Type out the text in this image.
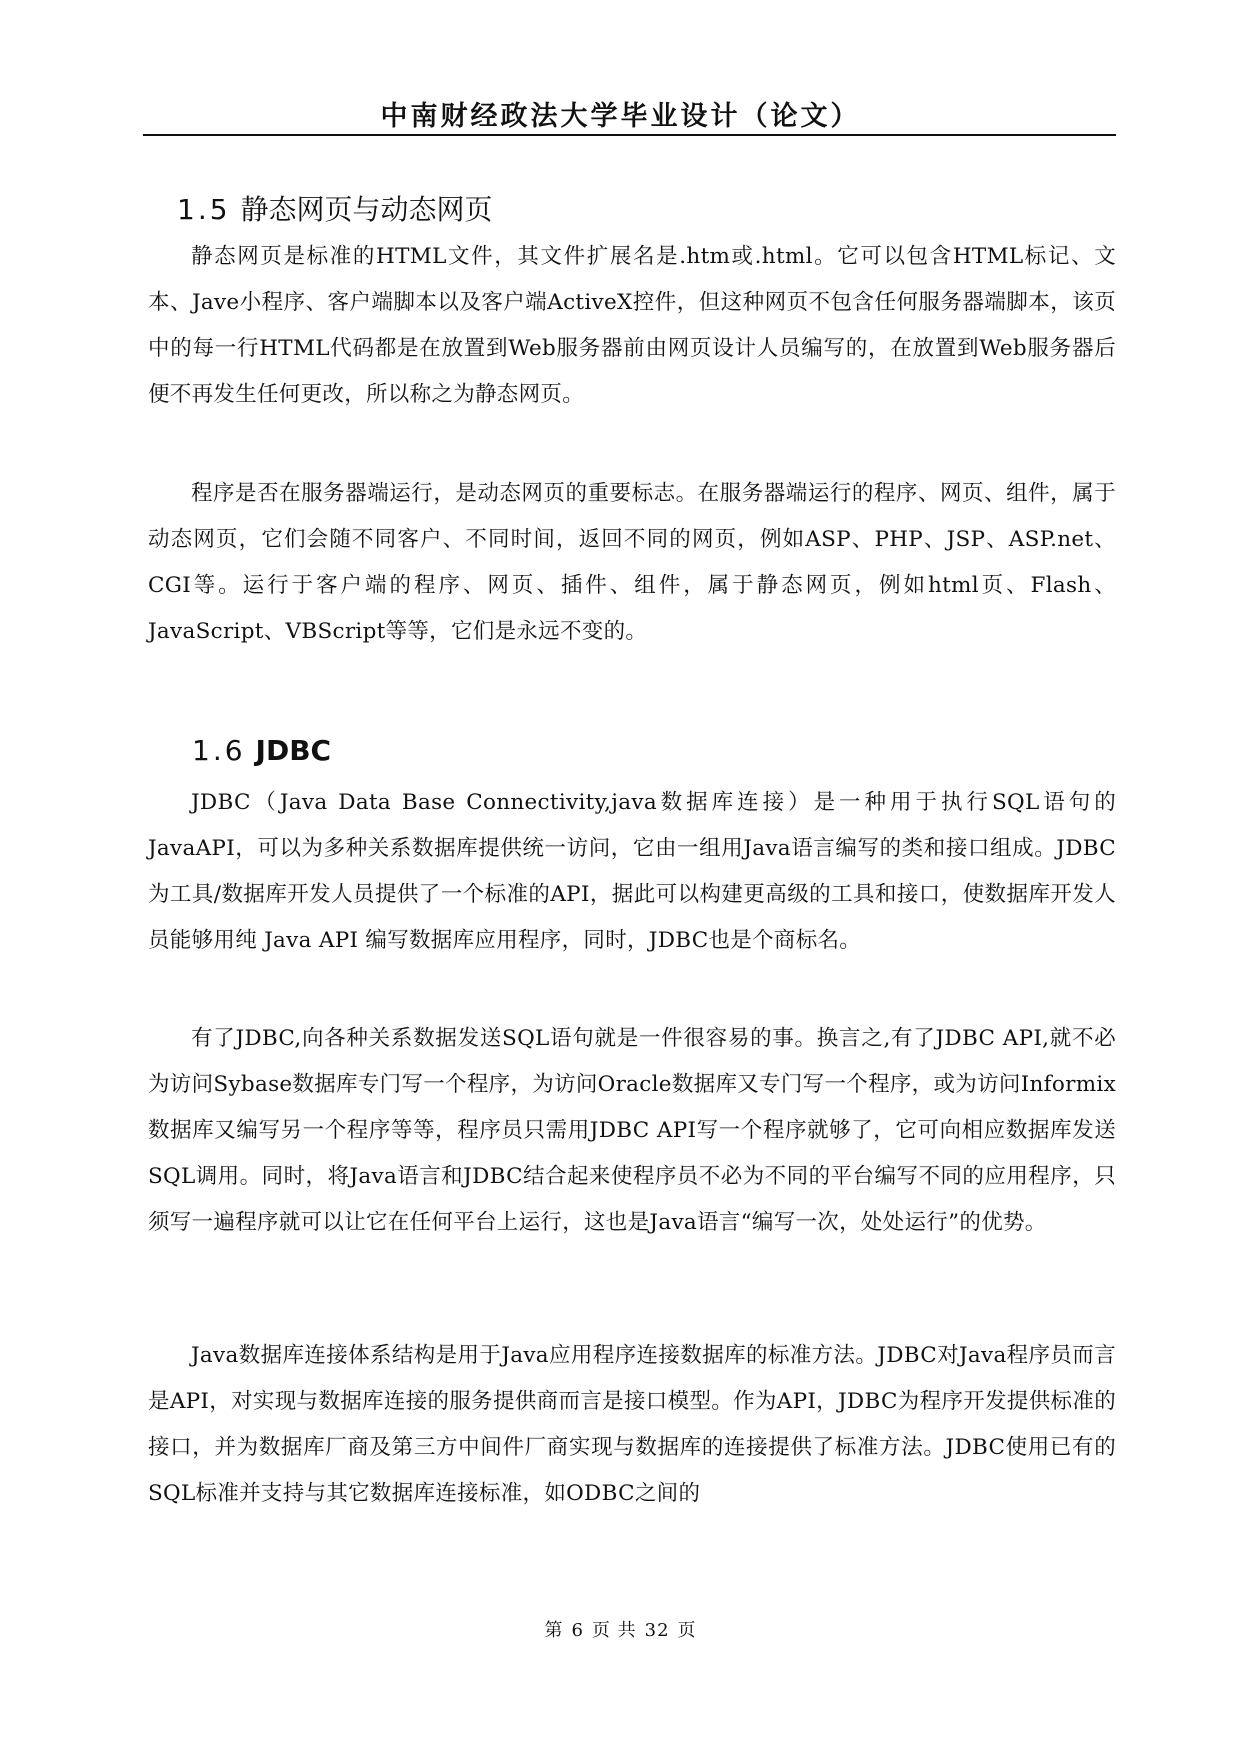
中南财经政法大学毕业设计（论文）
1.5 静态网页与动态网页
静态网页是标准的HTML文件，其文件扩展名是.htm或.html。它可以包含HTML标记、文本、Jave小程序、客户端脚本以及客户端ActiveX控件，但这种网页不包含任何服务器端脚本，该页中的每一行HTML代码都是在放置到Web服务器前由网页设计人员编写的，在放置到Web服务器后便不再发生任何更改，所以称之为静态网页。
程序是否在服务器端运行，是动态网页的重要标志。在服务器端运行的程序、网页、组件，属于动态网页，它们会随不同客户、不同时间，返回不同的网页，例如ASP、PHP、JSP、ASP.net、CGI等。运行于客户端的程序、网页、插件、组件，属于静态网页，例如html页、Flash、JavaScript、VBScript等等，它们是永远不变的。
1.6 JDBC
JDBC（Java Data Base Connectivity,java数据库连接）是一种用于执行SQL语句的JavaAPI，可以为多种关系数据库提供统一访问，它由一组用Java语言编写的类和接口组成。JDBC为工具/数据库开发人员提供了一个标准的API，据此可以构建更高级的工具和接口，使数据库开发人员能够用纯 Java API 编写数据库应用程序，同时，JDBC也是个商标名。
有了JDBC,向各种关系数据发送SQL语句就是一件很容易的事。换言之,有了JDBC API,就不必为访问Sybase数据库专门写一个程序，为访问Oracle数据库又专门写一个程序，或为访问Informix数据库又编写另一个程序等等，程序员只需用JDBC API写一个程序就够了，它可向相应数据库发送SQL调用。同时，将Java语言和JDBC结合起来使程序员不必为不同的平台编写不同的应用程序，只须写一遍程序就可以让它在任何平台上运行，这也是Java语言“编写一次，处处运行”的优势。
Java数据库连接体系结构是用于Java应用程序连接数据库的标准方法。JDBC对Java程序员而言是API，对实现与数据库连接的服务提供商而言是接口模型。作为API，JDBC为程序开发提供标准的接口，并为数据库厂商及第三方中间件厂商实现与数据库的连接提供了标准方法。JDBC使用已有的SQL标准并支持与其它数据库连接标准，如ODBC之间的
第 6 页 共 32 页
